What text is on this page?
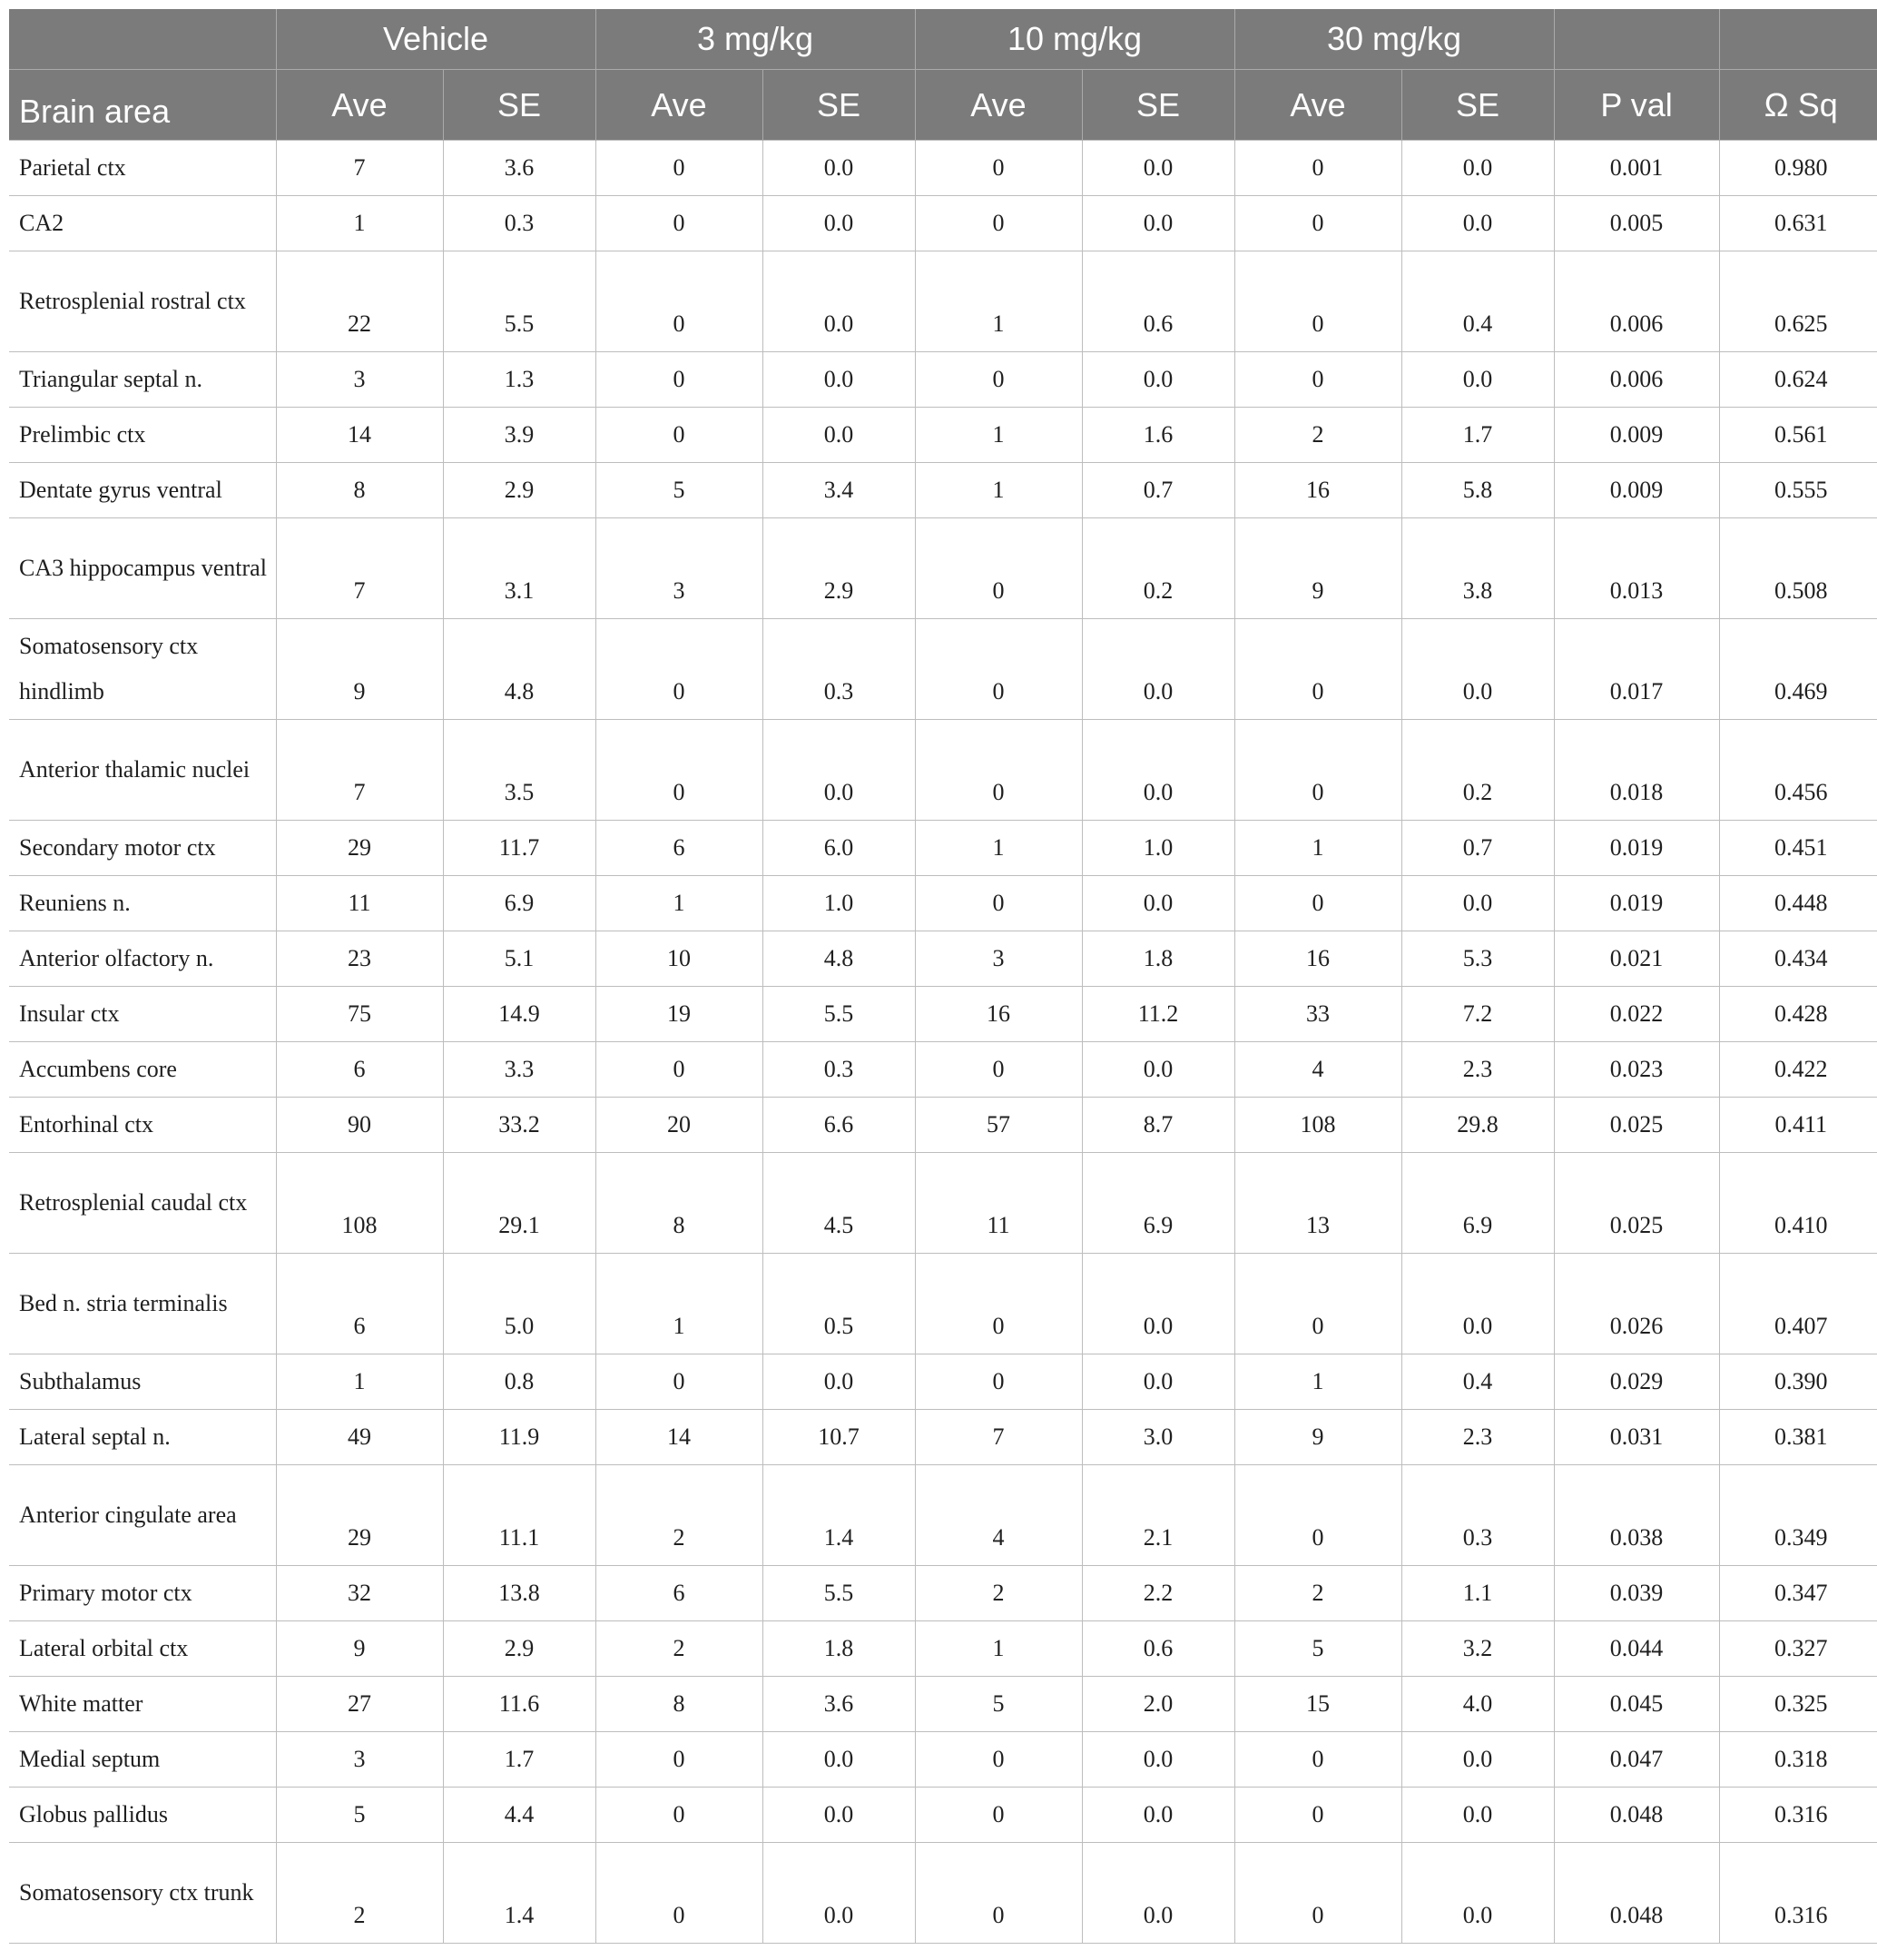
	Vehicle		3 mg/kg		10 mg/kg		30 mg/kg			
Brain area	Ave	SE	Ave	SE	Ave	SE	Ave	SE	P val	Ω Sq
Parietal ctx	7	3.6	0	0.0	0	0.0	0	0.0	0.001	0.980
CA2	1	0.3	0	0.0	0	0.0	0	0.0	0.005	0.631
Retrosplenial rostral ctx	22	5.5	0	0.0	1	0.6	0	0.4	0.006	0.625
Triangular septal n.	3	1.3	0	0.0	0	0.0	0	0.0	0.006	0.624
Prelimbic ctx	14	3.9	0	0.0	1	1.6	2	1.7	0.009	0.561
Dentate gyrus ventral	8	2.9	5	3.4	1	0.7	16	5.8	0.009	0.555
CA3 hippocampus ventral	7	3.1	3	2.9	0	0.2	9	3.8	0.013	0.508
Somatosensory ctx hindlimb	9	4.8	0	0.3	0	0.0	0	0.0	0.017	0.469
Anterior thalamic nuclei	7	3.5	0	0.0	0	0.0	0	0.2	0.018	0.456
Secondary motor ctx	29	11.7	6	6.0	1	1.0	1	0.7	0.019	0.451
Reuniens n.	11	6.9	1	1.0	0	0.0	0	0.0	0.019	0.448
Anterior olfactory n.	23	5.1	10	4.8	3	1.8	16	5.3	0.021	0.434
Insular ctx	75	14.9	19	5.5	16	11.2	33	7.2	0.022	0.428
Accumbens core	6	3.3	0	0.3	0	0.0	4	2.3	0.023	0.422
Entorhinal ctx	90	33.2	20	6.6	57	8.7	108	29.8	0.025	0.411
Retrosplenial caudal ctx	108	29.1	8	4.5	11	6.9	13	6.9	0.025	0.410
Bed n. stria terminalis	6	5.0	1	0.5	0	0.0	0	0.0	0.026	0.407
Subthalamus	1	0.8	0	0.0	0	0.0	1	0.4	0.029	0.390
Lateral septal n.	49	11.9	14	10.7	7	3.0	9	2.3	0.031	0.381
Anterior cingulate area	29	11.1	2	1.4	4	2.1	0	0.3	0.038	0.349
Primary motor ctx	32	13.8	6	5.5	2	2.2	2	1.1	0.039	0.347
Lateral orbital ctx	9	2.9	2	1.8	1	0.6	5	3.2	0.044	0.327
White matter	27	11.6	8	3.6	5	2.0	15	4.0	0.045	0.325
Medial septum	3	1.7	0	0.0	0	0.0	0	0.0	0.047	0.318
Globus pallidus	5	4.4	0	0.0	0	0.0	0	0.0	0.048	0.316
Somatosensory ctx trunk	2	1.4	0	0.0	0	0.0	0	0.0	0.048	0.316
